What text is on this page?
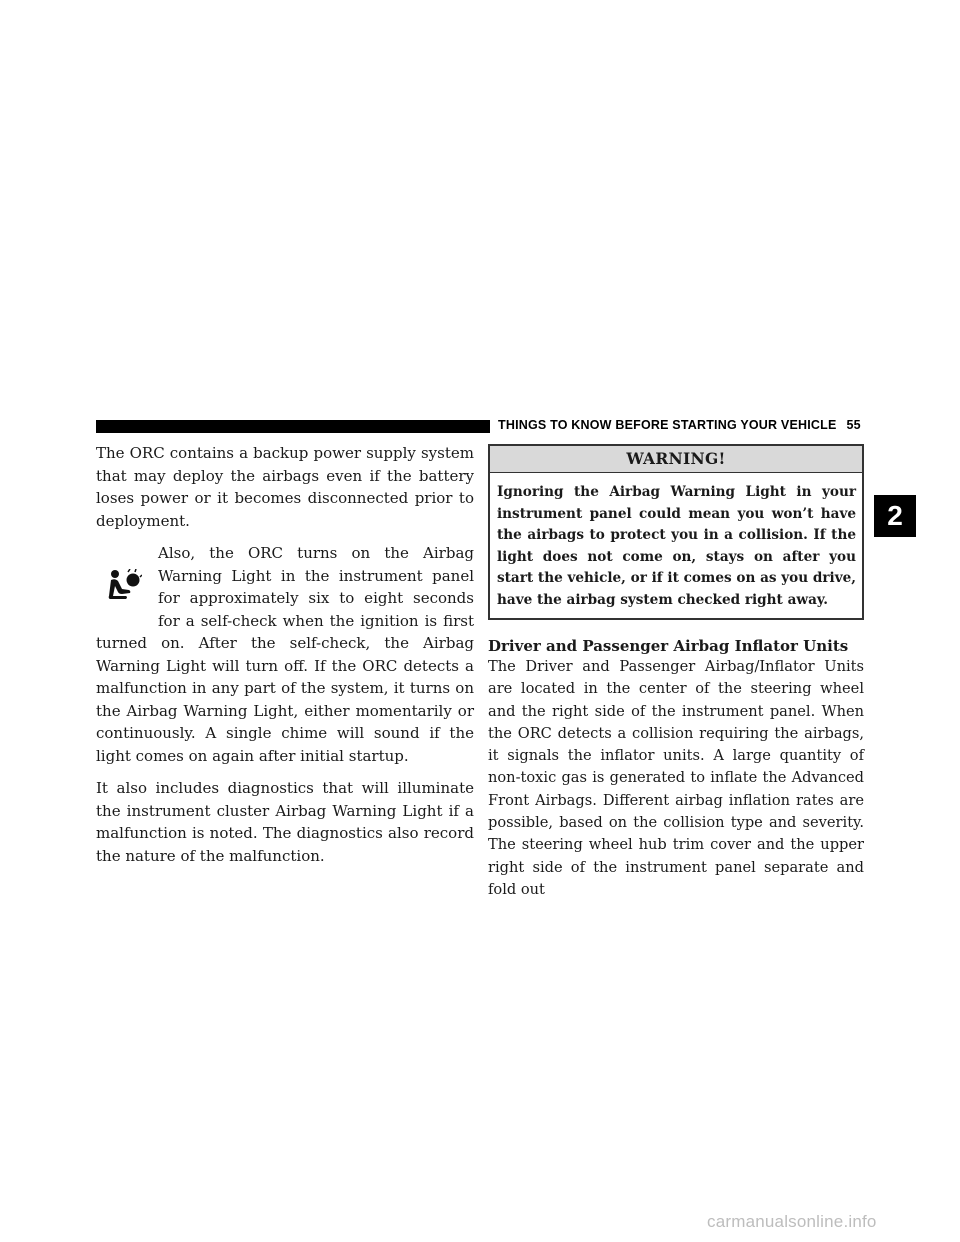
THINGS TO KNOW BEFORE STARTING YOUR VEHICLE 55
2

The ORC contains a backup power supply system that may deploy the airbags even if the battery loses power or it becomes disconnected prior to deployment.

Also, the ORC turns on the Airbag Warning Light in the instrument panel for approximately six to eight seconds for a self-check when the ignition is first turned on. After the self-check, the Airbag Warning Light will turn off. If the ORC detects a malfunction in any part of the system, it turns on the Airbag Warning Light, either momentarily or continuously. A single chime will sound if the light comes on again after initial startup.

It also includes diagnostics that will illuminate the instrument cluster Airbag Warning Light if a malfunction is noted. The diagnostics also record the nature of the malfunction.

WARNING!
Ignoring the Airbag Warning Light in your instrument panel could mean you won’t have the airbags to protect you in a collision. If the light does not come on, stays on after you start the vehicle, or if it comes on as you drive, have the airbag system checked right away.
Driver and Passenger Airbag Inflator Units

The Driver and Passenger Airbag/Inflator Units are located in the center of the steering wheel and the right side of the instrument panel. When the ORC detects a collision requiring the airbags, it signals the inflator units. A large quantity of non-toxic gas is generated to inflate the Advanced Front Airbags. Different airbag inflation rates are possible, based on the collision type and severity. The steering wheel hub trim cover and the upper right side of the instrument panel separate and fold out

carmanualsonline.info
